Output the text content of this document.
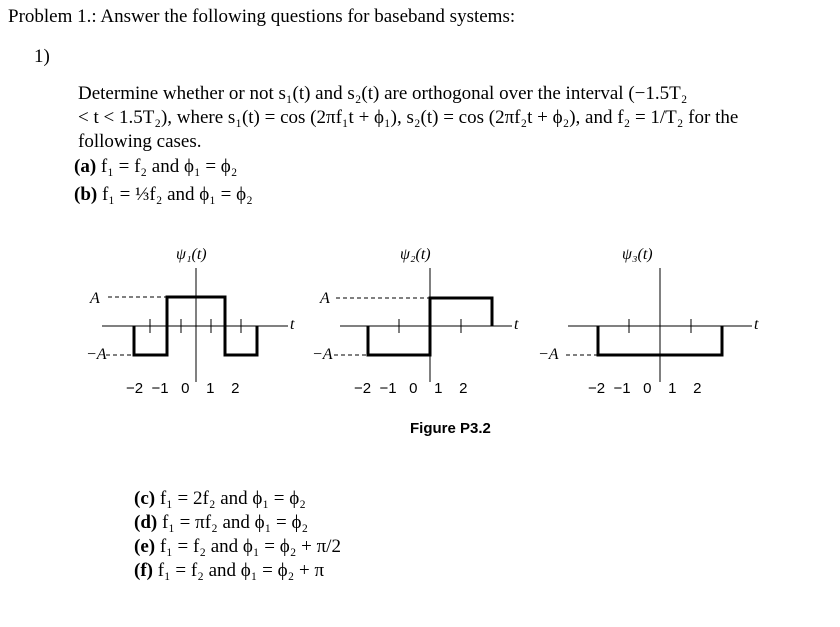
Problem 1.: Answer the following questions for baseband systems:
1)
Determine whether or not s₁(t) and s₂(t) are orthogonal over the interval (−1.5T₂
< t < 1.5T₂), where s₁(t) = cos (2πf₁t + ϕ₁), s₂(t) = cos (2πf₂t + ϕ₂), and f₂ = 1/T₂ for the
following cases.
(a) f₁ = f₂ and ϕ₁ = ϕ₂
(b) f₁ = ⅓f₂ and ϕ₁ = ϕ₂
ψ₁(t)
A
−A
t
ψ₂(t)
A
−A
t
ψ₃(t)
−A
t
−2 −1 0 1 2	−2 −1 0 1 2	−2 −1 0 1 2
Figure P3.2
(c) f₁ = 2f₂ and ϕ₁ = ϕ₂
(d) f₁ = πf₂ and ϕ₁ = ϕ₂
(e) f₁ = f₂ and ϕ₁ = ϕ₂ + π/2
(f) f₁ = f₂ and ϕ₁ = ϕ₂ + π
